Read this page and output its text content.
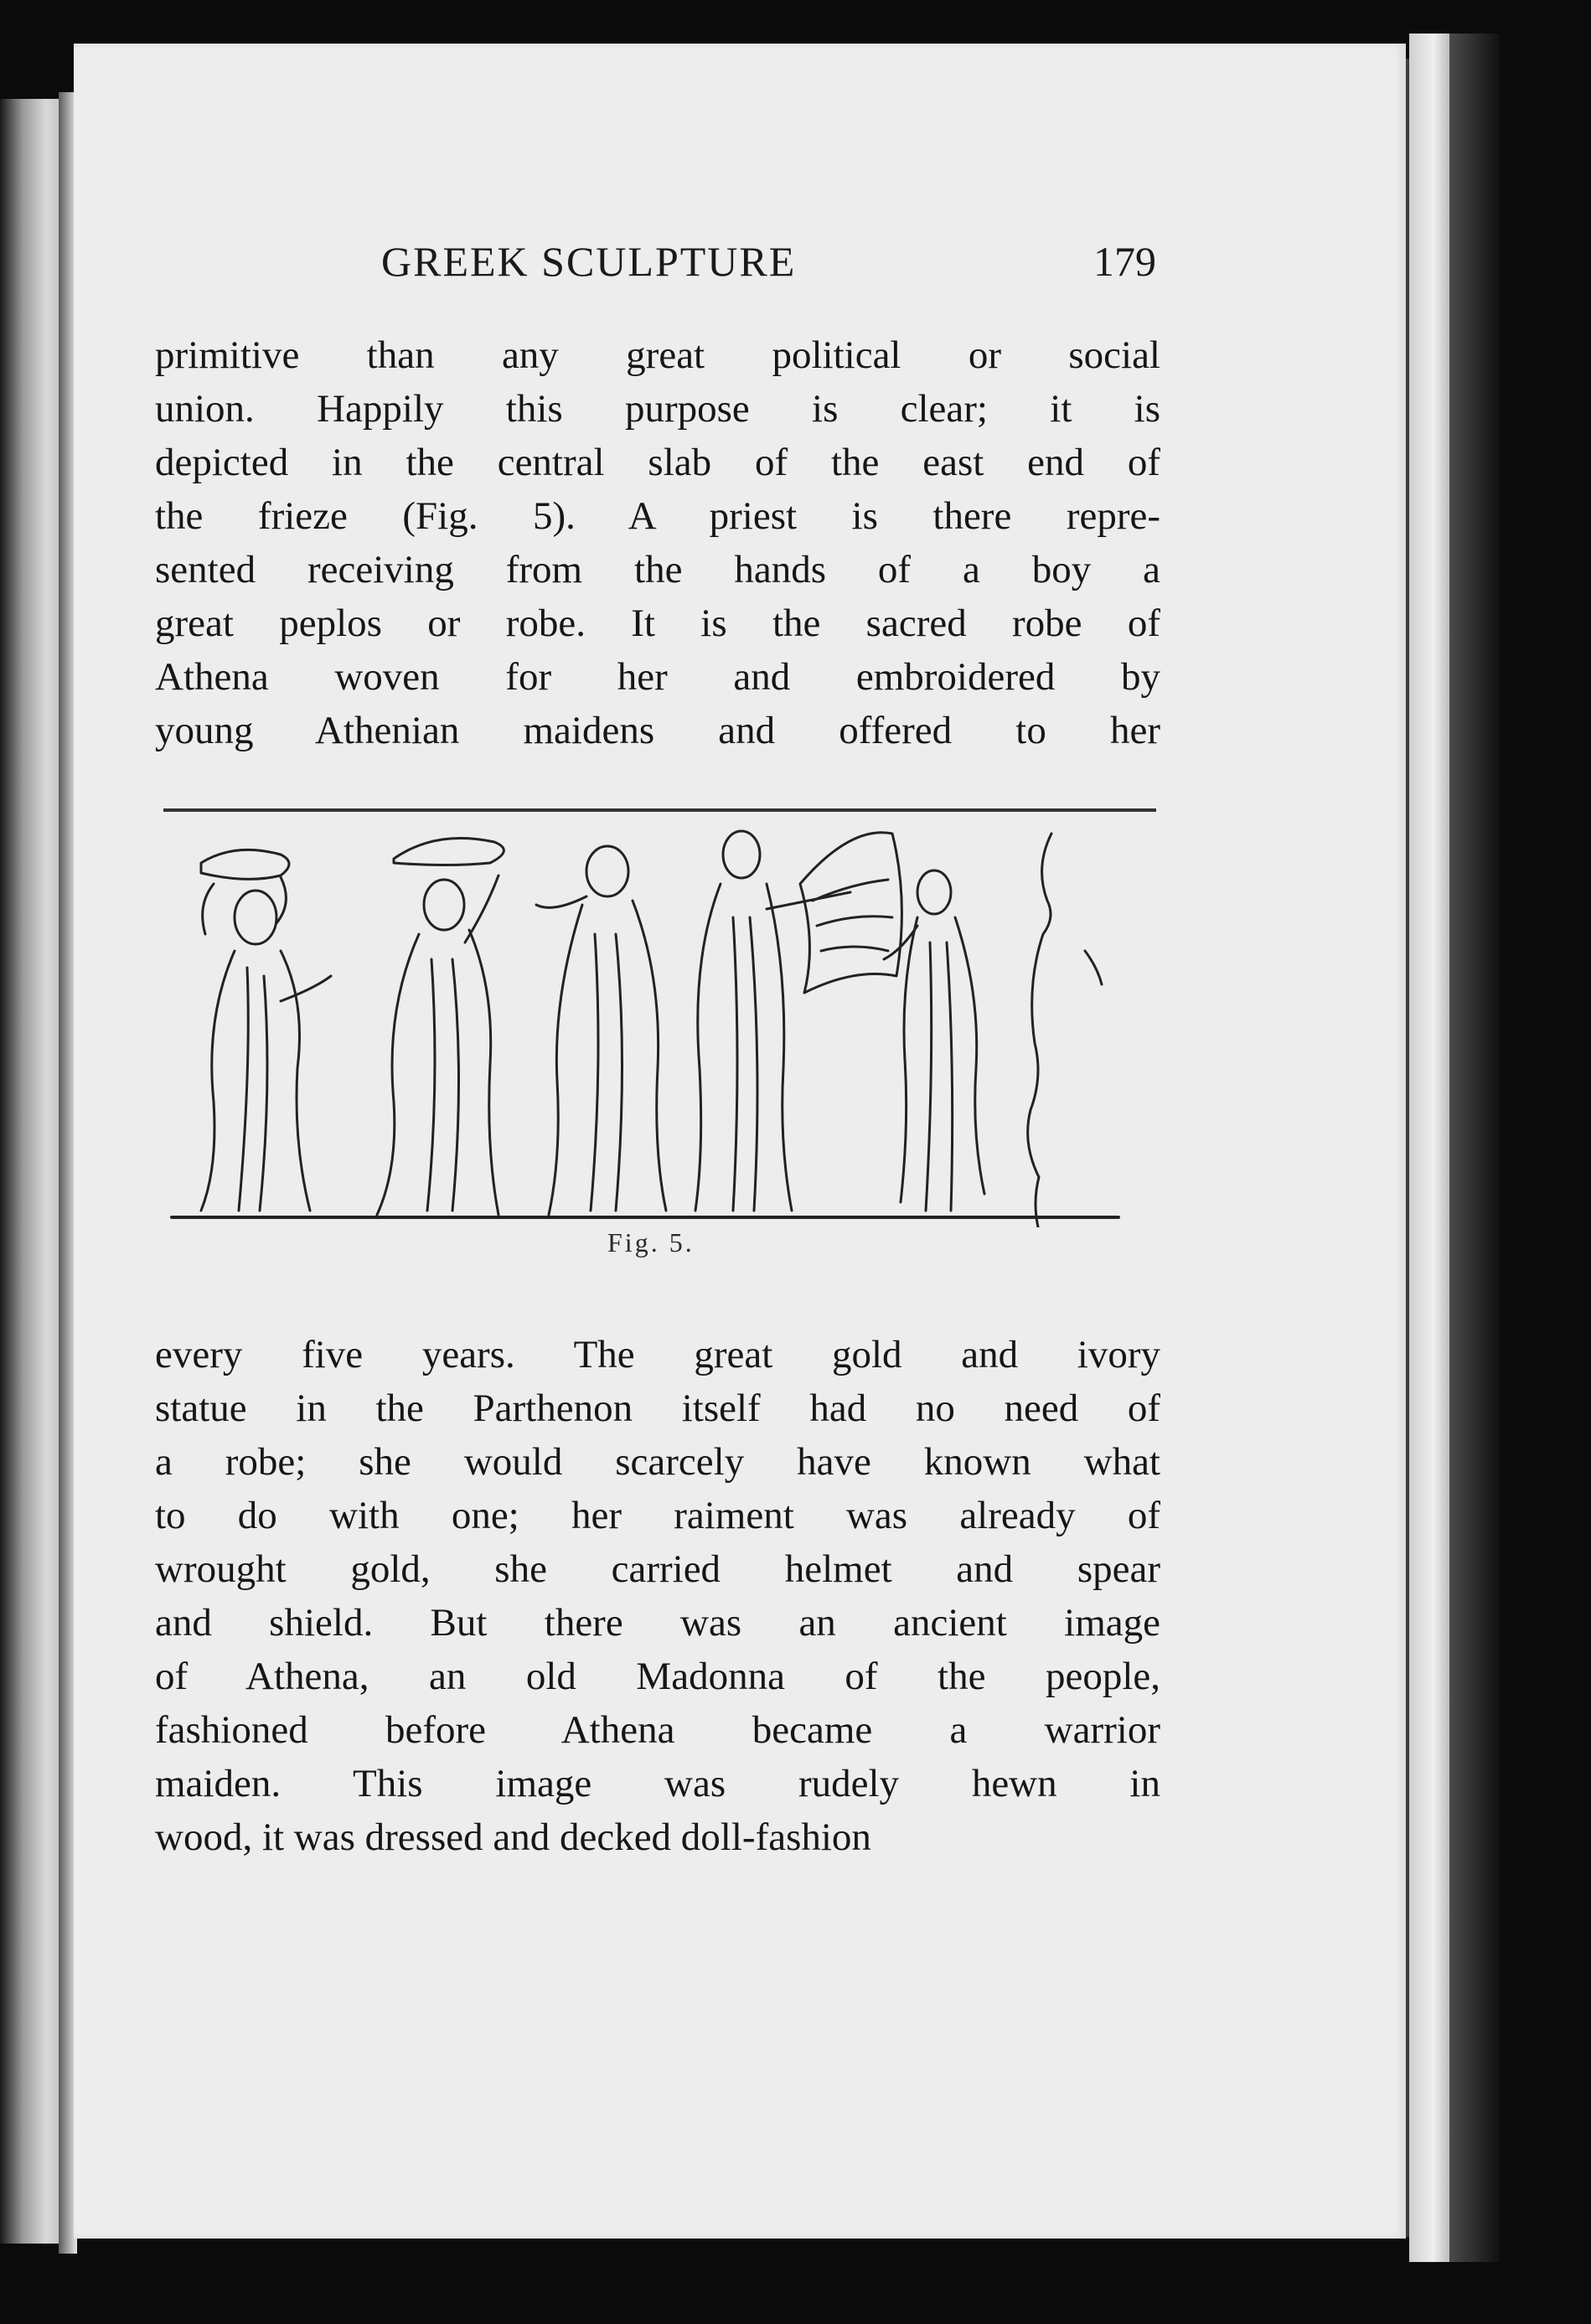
GREEK SCULPTURE	179
primitive than any great political or social
union. Happily this purpose is clear; it is
depicted in the central slab of the east end of
the frieze (Fig. 5). A priest is there repre-
sented receiving from the hands of a boy a
great peplos or robe. It is the sacred robe of
Athena woven for her and embroidered by
young Athenian maidens and offered to her
Fig. 5.
every five years. The great gold and ivory
statue in the Parthenon itself had no need of
a robe; she would scarcely have known what
to do with one; her raiment was already of
wrought gold, she carried helmet and spear
and shield. But there was an ancient image
of Athena, an old Madonna of the people,
fashioned before Athena became a warrior
maiden. This image was rudely hewn in
wood, it was dressed and decked doll-fashion
